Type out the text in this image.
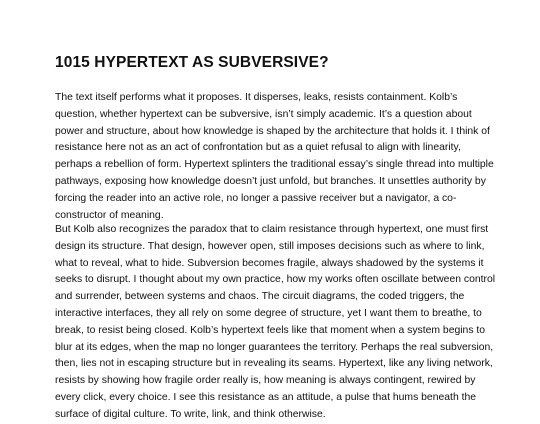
1015 HYPERTEXT AS SUBVERSIVE?

The text itself performs what it proposes. It disperses, leaks, resists containment. Kolb’s
question, whether hypertext can be subversive, isn’t simply academic. It’s a question about
power and structure, about how knowledge is shaped by the architecture that holds it. I think of
resistance here not as an act of confrontation but as a quiet refusal to align with linearity,
perhaps a rebellion of form. Hypertext splinters the traditional essay’s single thread into multiple
pathways, exposing how knowledge doesn’t just unfold, but branches. It unsettles authority by
forcing the reader into an active role, no longer a passive receiver but a navigator, a co-
constructor of meaning.

But Kolb also recognizes the paradox that to claim resistance through hypertext, one must first
design its structure. That design, however open, still imposes decisions such as where to link,
what to reveal, what to hide. Subversion becomes fragile, always shadowed by the systems it
seeks to disrupt. I thought about my own practice, how my works often oscillate between control
and surrender, between systems and chaos. The circuit diagrams, the coded triggers, the
interactive interfaces, they all rely on some degree of structure, yet I want them to breathe, to
break, to resist being closed. Kolb’s hypertext feels like that moment when a system begins to
blur at its edges, when the map no longer guarantees the territory. Perhaps the real subversion,
then, lies not in escaping structure but in revealing its seams. Hypertext, like any living network,
resists by showing how fragile order really is, how meaning is always contingent, rewired by
every click, every choice. I see this resistance as an attitude, a pulse that hums beneath the
surface of digital culture. To write, link, and think otherwise.
